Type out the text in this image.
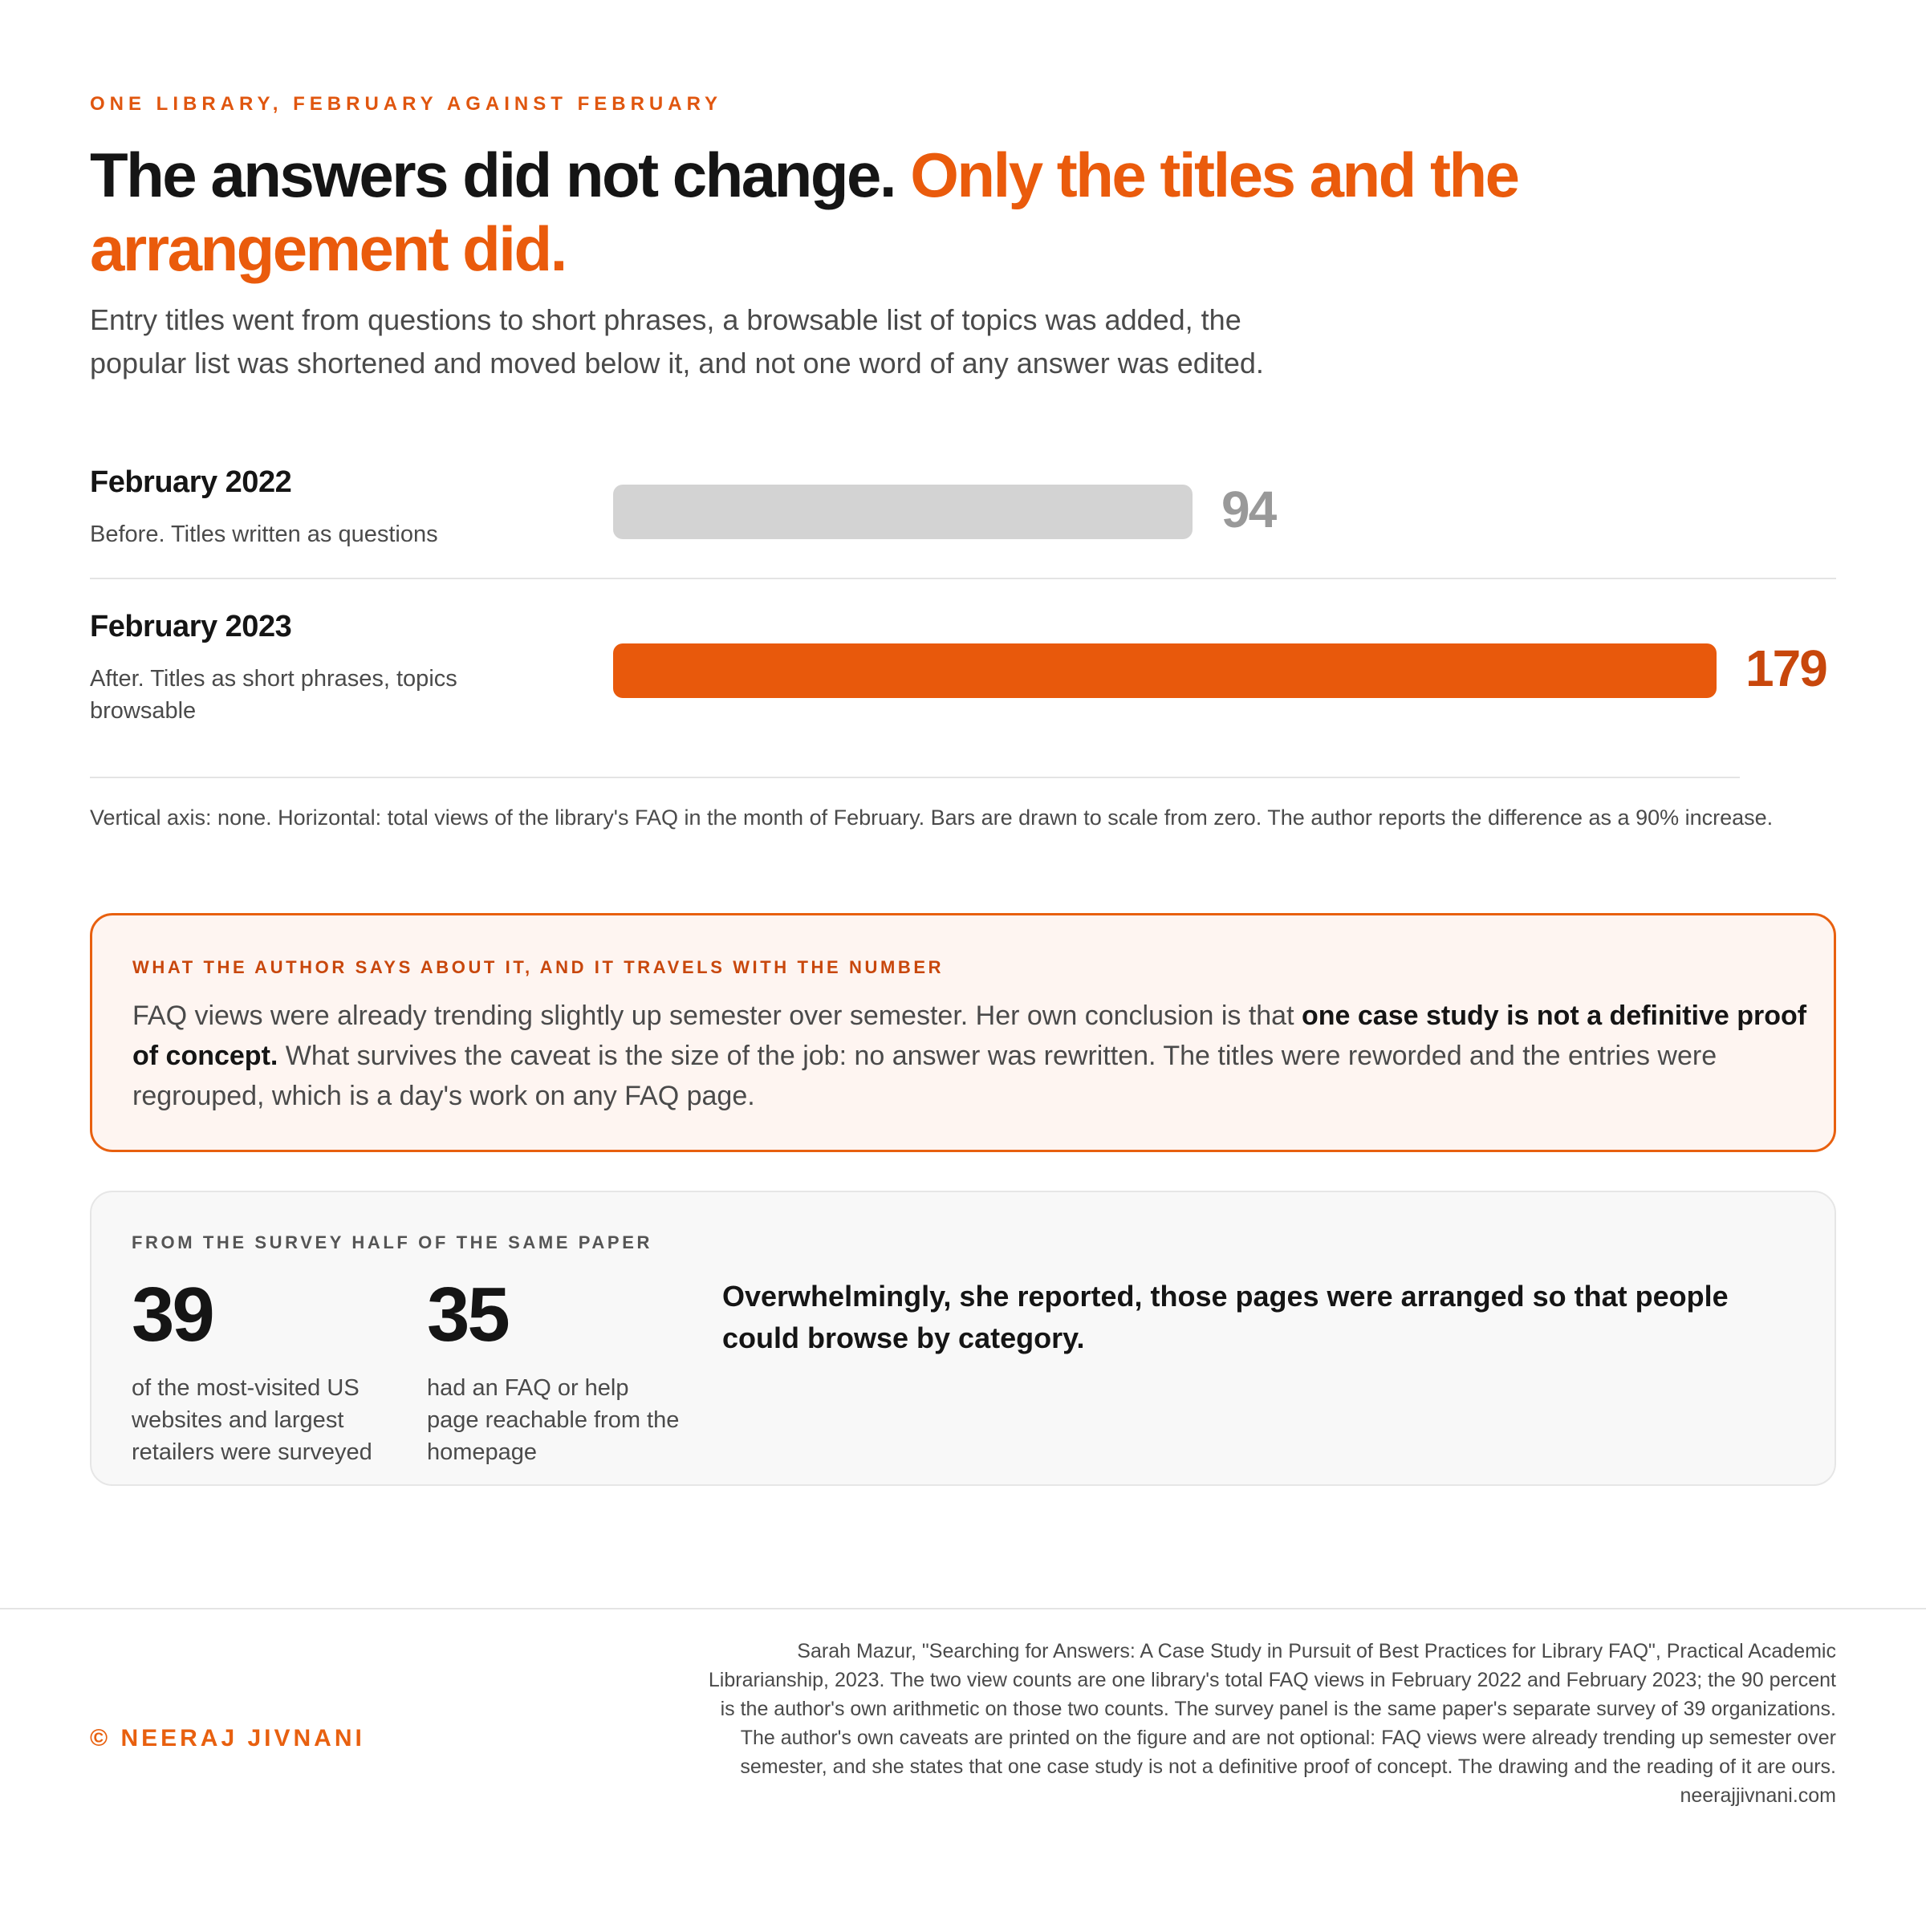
ONE LIBRARY, FEBRUARY AGAINST FEBRUARY
The answers did not change. Only the titles and the arrangement did.

Entry titles went from questions to short phrases, a browsable list of topics was added, the popular list was shortened and moved below it, and not one word of any answer was edited.

February 2022
Before. Titles written as questions	94
February 2023
After. Titles as short phrases, topics browsable
179

Vertical axis: none. Horizontal: total views of the library's FAQ in the month of February. Bars are drawn to scale from zero. The author reports the difference as a 90% increase.

WHAT THE AUTHOR SAYS ABOUT IT, AND IT TRAVELS WITH THE NUMBER

FAQ views were already trending slightly up semester over semester. Her own conclusion is that one case study is not a definitive proof of concept. What survives the caveat is the size of the job: no answer was rewritten. The titles were reworded and the entries were regrouped, which is a day's work on any FAQ page.

FROM THE SURVEY HALF OF THE SAME PAPER
39
of the most-visited US websites and largest retailers were surveyed
35
had an FAQ or help page reachable from the homepage

Overwhelmingly, she reported, those pages were arranged so that people could browse by category.

© NEERAJ JIVNANI

Sarah Mazur, "Searching for Answers: A Case Study in Pursuit of Best Practices for Library FAQ", Practical Academic Librarianship, 2023. The two view counts are one library's total FAQ views in February 2022 and February 2023; the 90 percent is the author's own arithmetic on those two counts. The survey panel is the same paper's separate survey of 39 organizations. The author's own caveats are printed on the figure and are not optional: FAQ views were already trending up semester over semester, and she states that one case study is not a definitive proof of concept. The drawing and the reading of it are ours.
neerajjivnani.com
